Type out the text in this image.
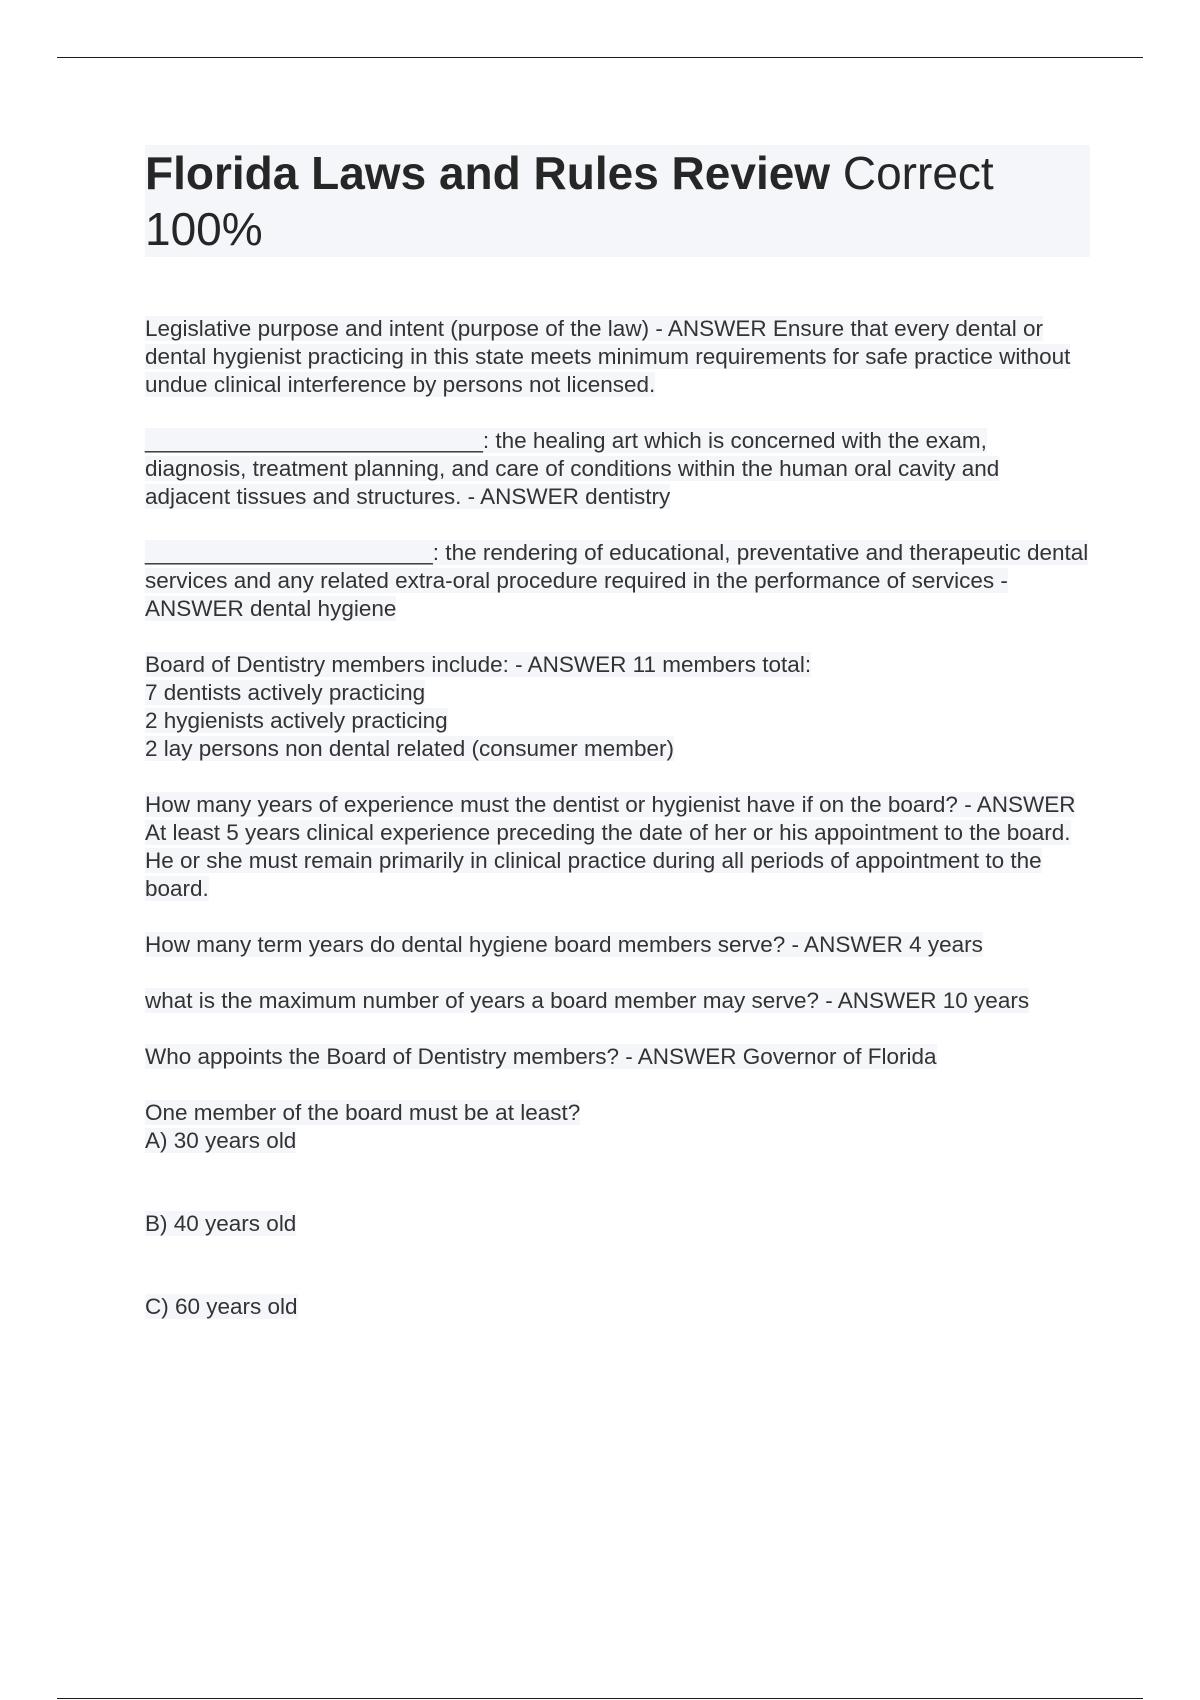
Florida Laws and Rules Review Correct 100%
Legislative purpose and intent (purpose of the law) - ANSWER Ensure that every dental or dental hygienist practicing in this state meets minimum requirements for safe practice without undue clinical interference by persons not licensed.
___________________________: the healing art which is concerned with the exam, diagnosis, treatment planning, and care of conditions within the human oral cavity and adjacent tissues and structures. - ANSWER dentistry
_______________________: the rendering of educational, preventative and therapeutic dental services and any related extra-oral procedure required in the performance of services - ANSWER dental hygiene
Board of Dentistry members include: - ANSWER 11 members total:
7 dentists actively practicing
2 hygienists actively practicing
2 lay persons non dental related (consumer member)
How many years of experience must the dentist or hygienist have if on the board? - ANSWER At least 5 years clinical experience preceding the date of her or his appointment to the board.
He or she must remain primarily in clinical practice during all periods of appointment to the board.
How many term years do dental hygiene board members serve? - ANSWER 4 years
what is the maximum number of years a board member may serve? - ANSWER 10 years
Who appoints the Board of Dentistry members? - ANSWER Governor of Florida
One member of the board must be at least?
A) 30 years old
B) 40 years old
C) 60 years old
